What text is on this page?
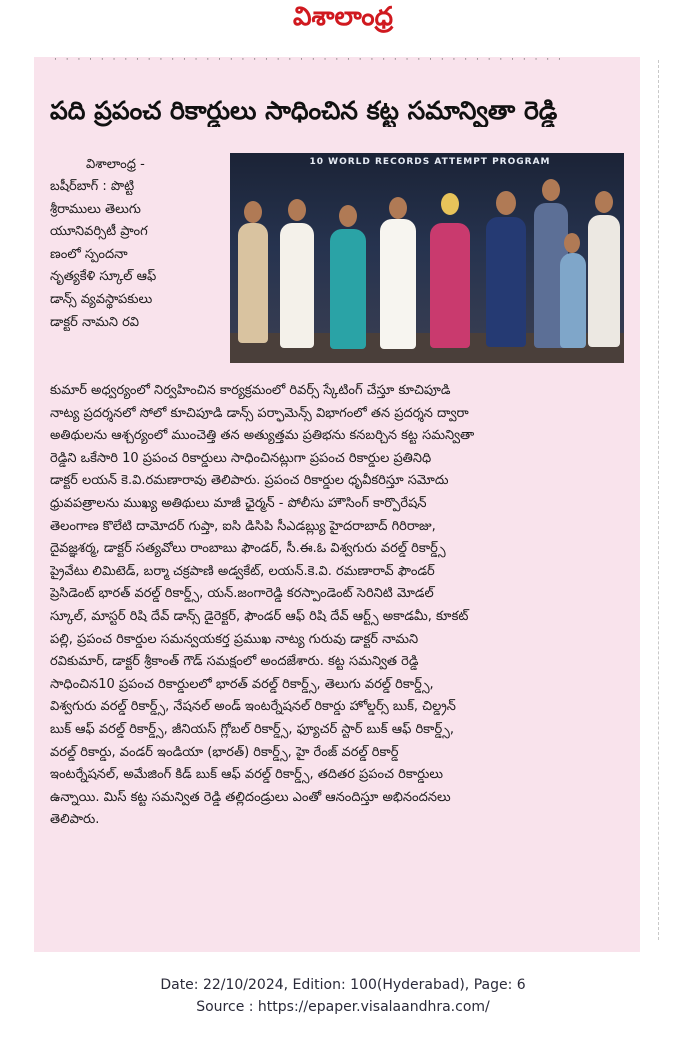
విశాలాంధ్ర
· · · · · · · · · · · · · · · · · · · · · · · · · · · · · · · · · · · · · · · · · · · ·
పది ప్రపంచ రికార్డులు సాధించిన కట్ట సమాన్వితా రెడ్డి
విశాలాంధ్ర -

బషీర్‌బాగ్ : పొట్టి

శ్రీరాములు తెలుగు

యూనివర్సిటీ ప్రాంగ

ణంలో స్పందనా

నృత్యకేళి స్కూల్ ఆఫ్

డాన్స్ వ్యవస్థాపకులు

డాక్టర్ నామని రవి

10 WORLD RECORDS ATTEMPT PROGRAM

కుమార్ అధ్వర్యంలో నిర్వహించిన కార్యక్రమంలో రివర్స్ స్కేటింగ్ చేస్తూ కూచిపూడి

నాట్య ప్రదర్శనలో సోలో కూచిపూడి డాన్స్ పర్ఫామెన్స్ విభాగంలో తన ప్రదర్శన ద్వారా

అతిథులను ఆశ్చర్యంలో ముంచెత్తి తన అత్యుత్తమ ప్రతిభను కనబర్చిన కట్ట సమన్వితా

రెడ్డిని ఒకేసారి 10 ప్రపంచ రికార్డులు సాధించినట్లుగా ప్రపంచ రికార్డుల ప్రతినిధి

డాక్టర్ లయన్ కె.వి.రమణారావు తెలిపారు. ప్రపంచ రికార్డుల ధృవీకరిస్తూ సమోదు

ధ్రువపత్రాలను ముఖ్య అతిథులు మాజీ ఛైర్మన్ - పోలీసు హౌసింగ్ కార్పొరేషన్

తెలంగాణ కొలేటి దామోదర్ గుప్తా, ఐసి డిసిపి సీఎడబ్ల్యు హైదరాబాద్ గిరిరాజు,

దైవజ్ఞశర్మ, డాక్టర్ సత్యవోలు రాంబాబు ఫౌండర్, సీ.ఈ.ఓ విశ్వగురు వరల్డ్ రికార్డ్స్

ప్రైవేటు లిమిటెడ్, బర్మా చక్రపాణి అడ్వకేట్, లయన్.కె.వి. రమణారావ్ ఫౌండర్

ప్రెసిడెంట్ భారత్ వరల్డ్ రికార్డ్స్, యన్.జంగారెడ్డి కరస్పాండెంట్ సెరినిటి మోడల్

స్కూల్, మాస్టర్ రిషి దేవ్ డాన్స్ డైరెక్టర్, ఫౌండర్ ఆఫ్ రిషి దేవ్ ఆర్ట్స్ అకాడమీ, కూకట్

పల్లి, ప్రపంచ రికార్డుల సమన్వయకర్త ప్రముఖ నాట్య గురువు డాక్టర్ నామని

రవికుమార్, డాక్టర్ శ్రీకాంత్ గౌడ్ సమక్షంలో అందజేశారు. కట్ట సమన్విత రెడ్డి

సాధించిన10 ప్రపంచ రికార్డులలో భారత్ వరల్డ్ రికార్డ్స్, తెలుగు వరల్డ్ రికార్డ్స్,

విశ్వగురు వరల్డ్ రికార్డ్స్, నేషనల్ అండ్ ఇంటర్నేషనల్ రికార్డు హోల్డర్స్ బుక్, చిల్డ్రన్

బుక్ ఆఫ్ వరల్డ్ రికార్డ్స్, జీనియస్ గ్లోబల్ రికార్డ్స్, ఫ్యూచర్ స్టార్ బుక్ ఆఫ్ రికార్డ్స్,

వరల్డ్ రికార్డు, వండర్ ఇండియా (భారత్) రికార్డ్స్, హై రేంజ్ వరల్డ్ రికార్డ్

ఇంటర్నేషనల్, అమేజింగ్ కిడ్ బుక్ ఆఫ్ వరల్డ్ రికార్డ్స్, తదితర ప్రపంచ రికార్డులు

ఉన్నాయి. మిస్ కట్ట సమన్విత రెడ్డి తల్లిదండ్రులు ఎంతో ఆనందిస్తూ అభినందనలు

తెలిపారు.

Date: 22/10/2024, Edition: 100(Hyderabad), Page: 6
Source : https://epaper.visalaandhra.com/
